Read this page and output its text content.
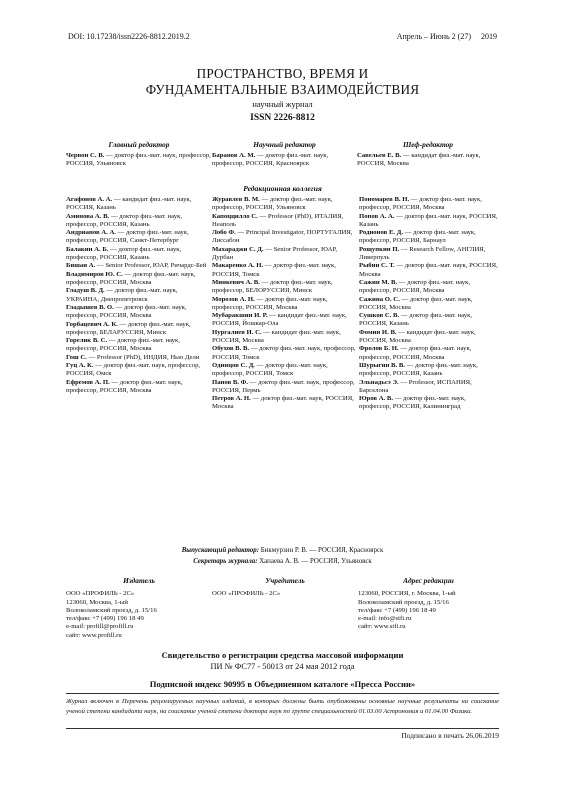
DOI: 10.17238/issn2226-8812.2019.2	Апрель – Июнь 2 (27)     2019
ПРОСТРАНСТВО, ВРЕМЯ И
ФУНДАМЕНТАЛЬНЫЕ ВЗАИМОДЕЙСТВИЯ
научный журнал
ISSN 2226-8812
Главный редактор
Червон С. В. — доктор физ.-мат. наук, профессор, РОССИЯ, Ульяновск
Научный редактор
Баранов А. М. — доктор физ.-мат. наук, профессор, РОССИЯ, Красноярск
Шеф-редактор
Савельев Е. В. — кандидат физ.-мат. наук, РОССИЯ, Москва
Редакционная коллегия
Агафонов А. А. — кандидат физ.-мат. наук, РОССИЯ, Казань
Аминова А. В. — доктор физ.-мат. наук, профессор, РОССИЯ, Казань
Андрианов А. А. — доктор физ.-мат. наук, профессор, РОССИЯ, Санкт-Петербург
Балакин А. Б. — доктор физ.-мат. наук, профессор, РОССИЯ, Казань
Бишаи А. — Senior Professor, ЮАР, Ричардс-Бей
Владимиров Ю. С. — доктор физ.-мат. наук, профессор, РОССИЯ, Москва
Гладуш В. Д. — доктор физ.-мат. наук, УКРАИНА, Днепропетровск
Гладышев В. О. — доктор физ.-мат. наук, профессор, РОССИЯ, Москва
Горбацевич А. К. — доктор физ.-мат. наук, профессор, БЕЛАРУССИЯ, Минск
Горелик В. С. — доктор физ.-мат. наук, профессор, РОССИЯ, Москва
Гош С. — Professor (PhD), ИНДИЯ, Нью Дели
Гуц А. К. — доктор физ.-мат. наук, профессор, РОССИЯ, Омск
Ефремов А. П. — доктор физ.-мат. наук, профессор, РОССИЯ, Москва
Журавлев В. М. — доктор физ.-мат. наук, профессор, РОССИЯ, Ульяновск
Капоццилло С. — Professor (PhD), ИТАЛИЯ, Неаполь
Лобо Ф. — Principal Investigator, ПОРТУГАЛИЯ, Лиссабон
Махараджи С. Д. — Senior Professor, ЮАР, Дурбан
Макаренко А. Н. — доктор физ.-мат. наук, РОССИЯ, Томск
Минкевич А. В. — доктор физ.-мат. наук, профессор, БЕЛОРУССИЯ, Минск
Морозов А. Н. — доктор физ.-мат. наук, профессор, РОССИЯ, Москва
Мубаракшин И. Р. — кандидат физ.-мат. наук, РОССИЯ, Йошкар-Ола
Нургалиев И. С. — кандидат физ.-мат. наук, РОССИЯ, Москва
Обухов В. В. — доктор физ.-мат. наук, профессор, РОССИЯ, Томск
Одинцов С. Д. — доктор физ.-мат. наук, профессор, РОССИЯ, Томск
Панов В. Ф. — доктор физ.-мат. наук, профессор, РОССИЯ, Пермь
Петров А. Н. — доктор физ.-мат. наук, РОССИЯ, Москва
Пономарев В. Н. — доктор физ.-мат. наук, профессор, РОССИЯ, Москва
Попов А. А. — доктор физ.-мат. наук, РОССИЯ, Казань
Родионов Е. Д. — доктор физ.-мат. наук, профессор, РОССИЯ, Барнаул
Рощупкин П. — Research Fellow, АНГЛИЯ, Ливерпуль
Рыбин С. Т. — доктор физ.-мат. наук, РОССИЯ, Москва
Сажин М. В. — доктор физ.-мат. наук, профессор, РОССИЯ, Москва
Сажина О. С. — доктор физ.-мат. наук, РОССИЯ, Москва
Сушков С. В. — доктор физ.-мат. наук, РОССИЯ, Казань
Фомин И. В. — кандидат физ.-мат. наук, РОССИЯ, Москва
Фролов Б. Н. — доктор физ.-мат. наук, профессор, РОССИЯ, Москва
Шурыгин В. В. — доктор физ.-мат. наук, профессор, РОССИЯ, Казань
Эльнадьсэ Э. — Professor, ИСПАНИЯ, Барселона
Юров А. В. — доктор физ.-мат. наук, профессор, РОССИЯ, Калининград
Выпускающий редактор: Бикмурзин Р. В. — РОССИЯ, Красноярск
Секретарь журнала: Хапаева А. В. — РОССИЯ, Ульяновск
Издатель
ООО «ПРОФИЛЬ - 2С»
123060, Москва, 1-ый
Волоколамский проезд, д. 15/16
тел/факс +7 (499) 196 18 49
e-mail: profill@profill.ru
сайт: www.profill.ru
Учредитель
ООО «ПРОФИЛЬ - 2С»
Адрес редакции
123060, РОССИЯ, г. Москва, 1-ый
Волоколамский проезд, д. 15/16
тел/факс +7 (499) 196 18 49
e-mail: info@stfi.ru
сайт: www.stfi.ru
Свидетельство о регистрации средства массовой информации
ПИ № ФС77 - 50013 от 24 мая 2012 года
Подписной индекс 90995 в Объединенном каталоге «Пресса России»
Журнал включен в Перечень рецензируемых научных изданий, в которых должны быть опубликованы основные научные результаты на соискание ученой степени кандидата наук, на соискание ученой степени доктора наук по группе специальностей 01.03.00 Астрономия и 01.04.00 Физика.
Подписано в печать 26.06.2019
